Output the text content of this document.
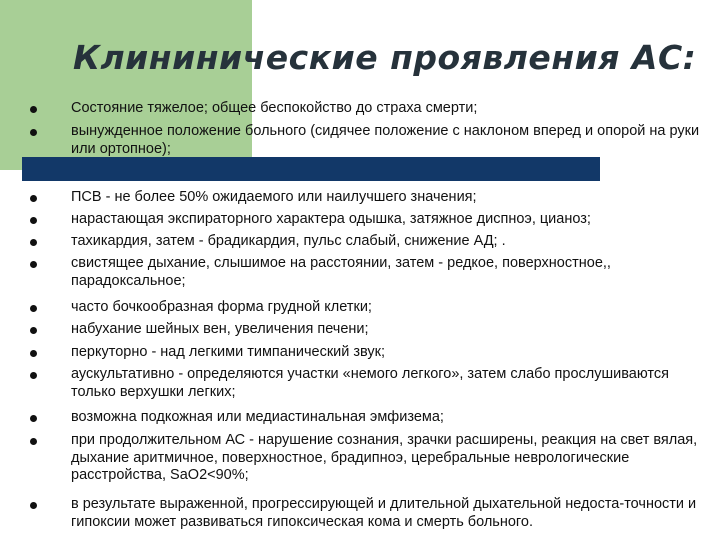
Клининические проявления АС:
Состояние тяжелое; общее беспокойство до страха смерти;
вынужденное положение больного (сидячее положение с наклоном вперед и опорой на руки или ортопное);
ПСВ - не более 50% ожидаемого или наилучшего значения;
нарастающая экспираторного характера одышка, затяжное диспноэ, цианоз;
тахикардия, затем - брадикардия, пульс слабый, снижение АД; .
свистящее дыхание, слышимое на расстоянии, затем - редкое, поверхностное,, парадоксальное;
часто бочкообразная форма грудной клетки;
набухание шейных вен, увеличения печени;
перкуторно - над легкими тимпанический звук;
аускультативно - определяются участки «немого легкого», затем слабо прослушиваются только верхушки легких;
возможна подкожная или медиастинальная эмфизема;
при продолжительном АС - нарушение сознания, зрачки расширены, реакция на свет вялая, дыхание аритмичное, поверхностное, брадипноэ, церебральные неврологические расстройства, SaO2<90%;
в результате выраженной, прогрессирующей и длительной дыхательной недоста-точности и гипоксии может развиваться гипоксическая кома и смерть больного.
